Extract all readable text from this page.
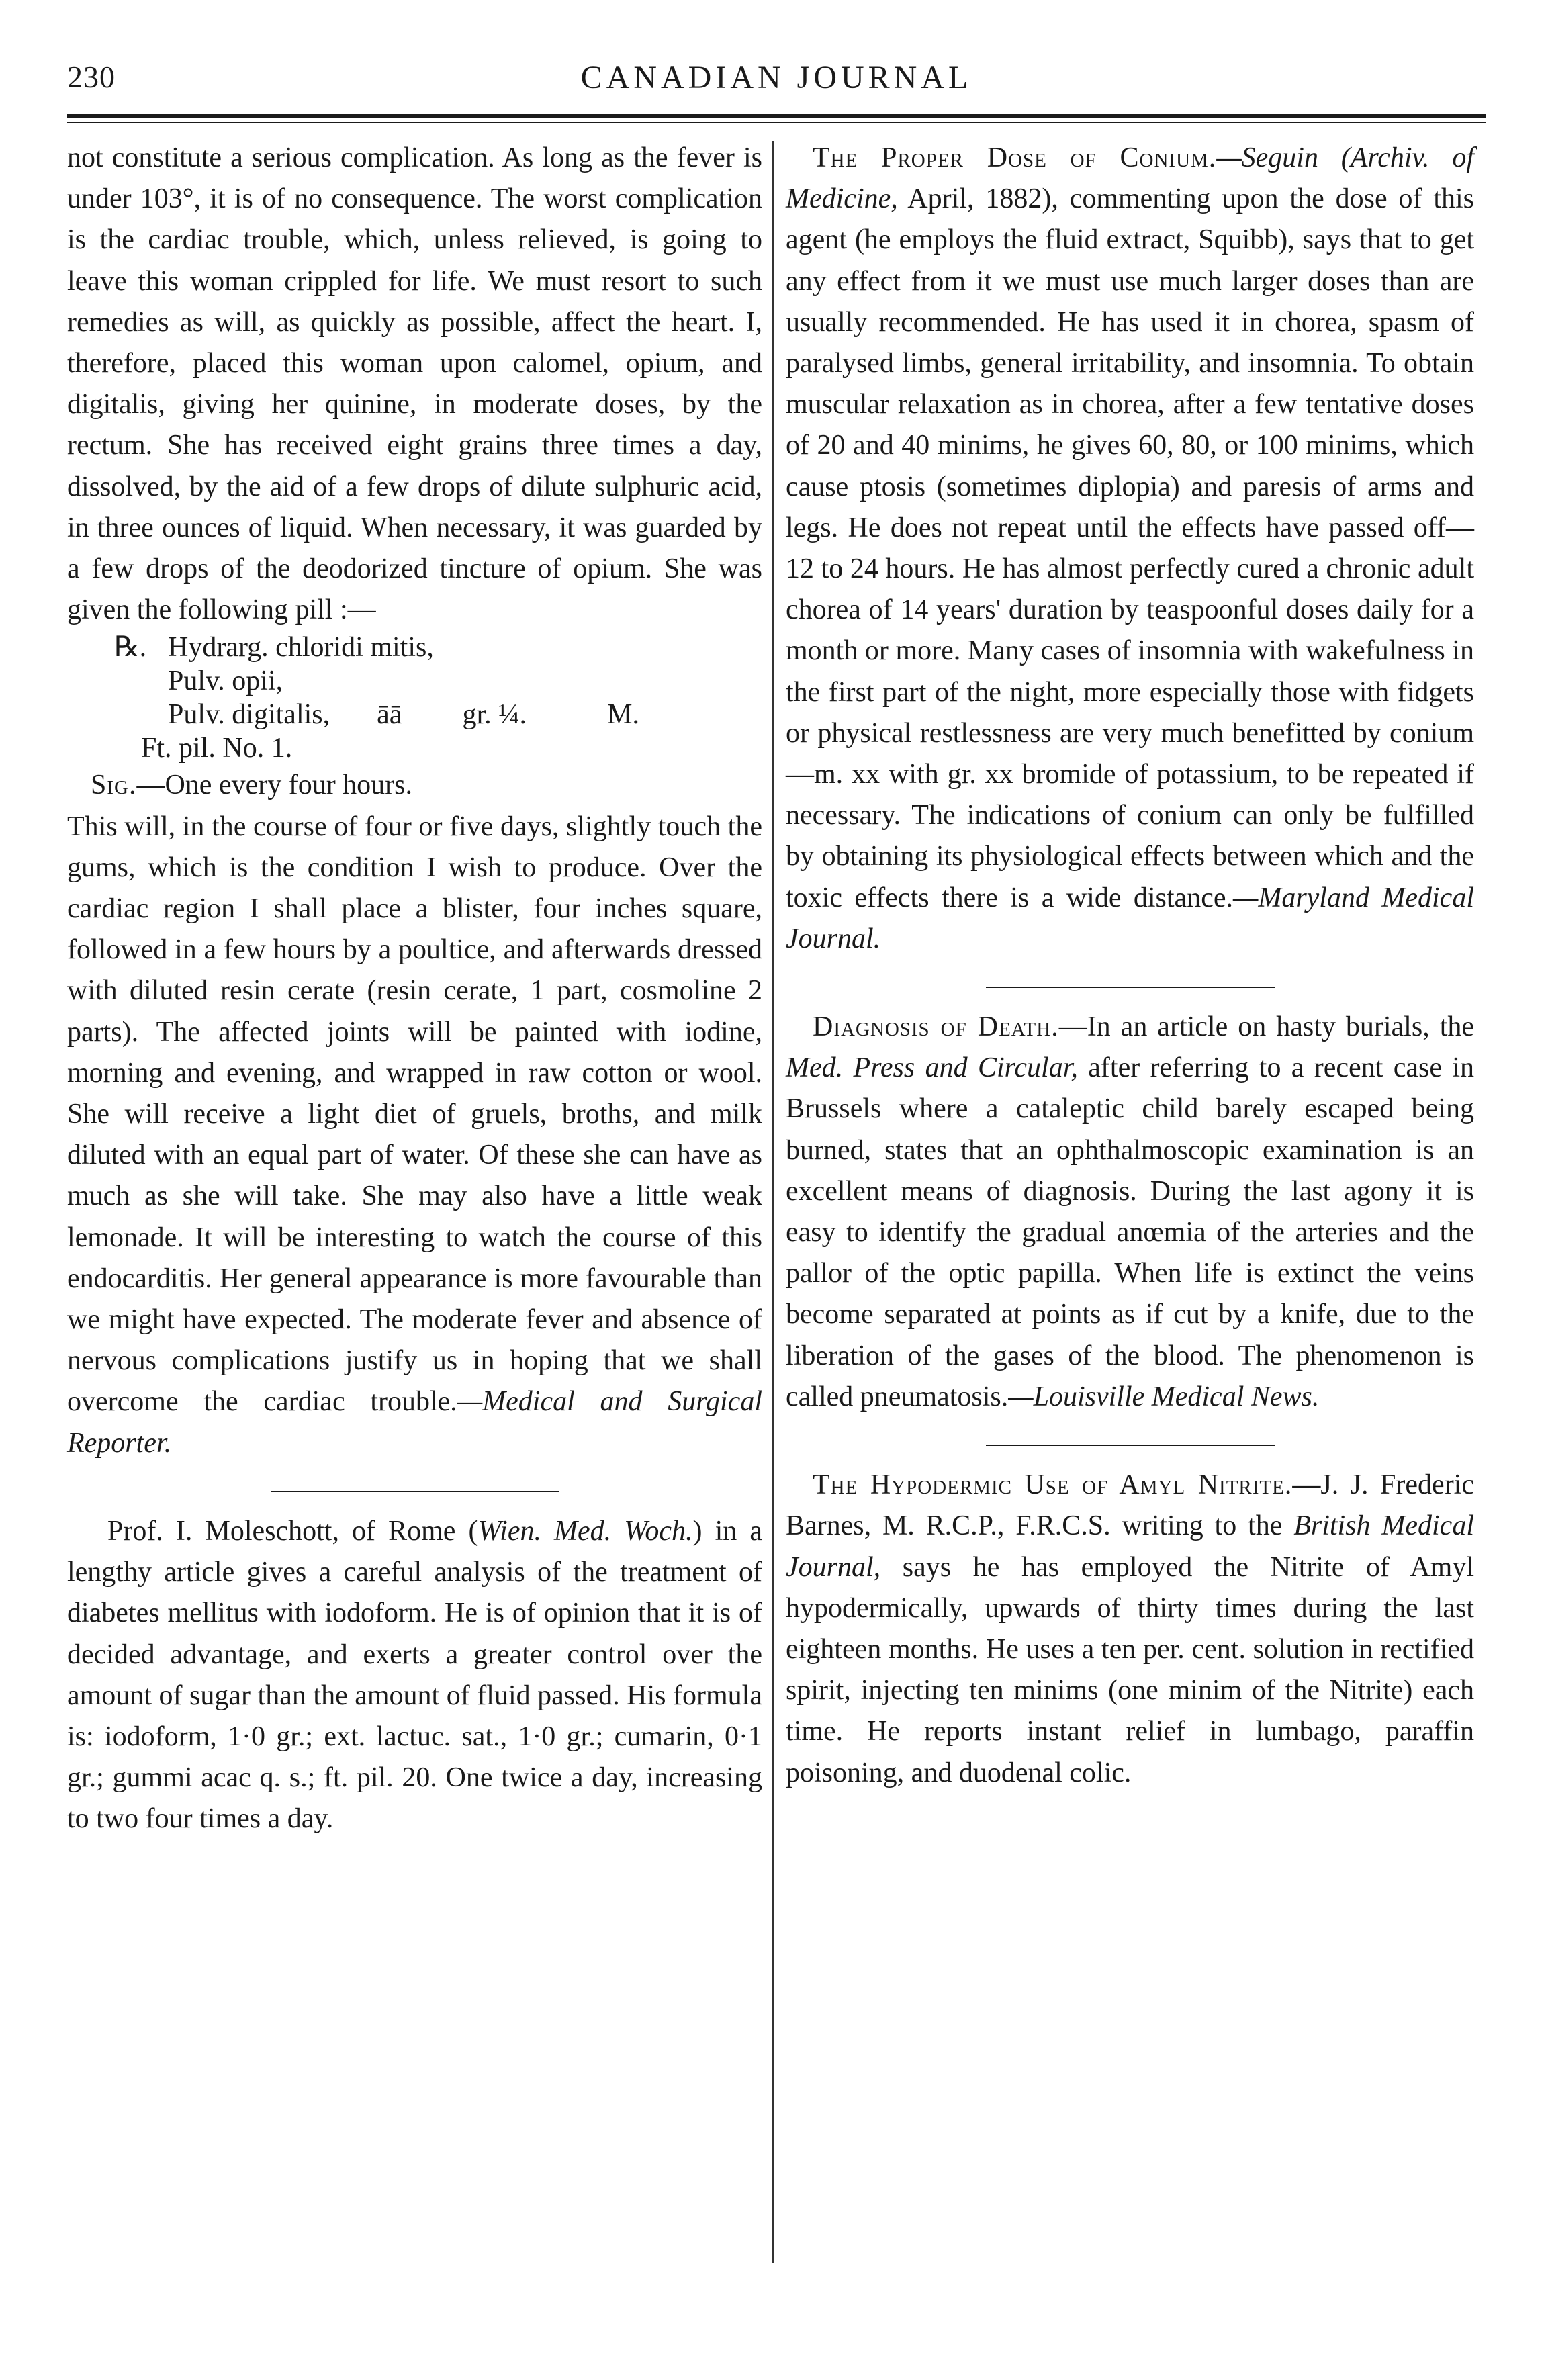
230	CANADIAN JOURNAL

not constitute a serious complication. As long as the fever is under 103°, it is of no consequence. The worst complication is the cardiac trouble, which, unless relieved, is going to leave this woman crippled for life. We must resort to such remedies as will, as quickly as possible, affect the heart. I, therefore, placed this woman upon calomel, opium, and digitalis, giving her quinine, in moderate doses, by the rectum. She has received eight grains three times a day, dissolved, by the aid of a few drops of dilute sulphuric acid, in three ounces of liquid. When necessary, it was guarded by a few drops of the deodorized tincture of opium. She was given the following pill :—

℞. Hydrarg. chloridi mitis,
Pulv. opii,
Pulv. digitalis, āā gr. ¼.	M.
Ft. pil. No. 1.

Sig.—One every four hours.

This will, in the course of four or five days, slightly touch the gums, which is the condition I wish to produce. Over the cardiac region I shall place a blister, four inches square, followed in a few hours by a poultice, and afterwards dressed with diluted resin cerate (resin cerate, 1 part, cosmoline 2 parts). The affected joints will be painted with iodine, morning and evening, and wrapped in raw cotton or wool. She will receive a light diet of gruels, broths, and milk diluted with an equal part of water. Of these she can have as much as she will take. She may also have a little weak lemonade. It will be interesting to watch the course of this endocarditis. Her general appearance is more favourable than we might have expected. The moderate fever and absence of nervous complications justify us in hoping that we shall overcome the cardiac trouble.—Medical and Surgical Reporter.

Prof. I. Moleschott, of Rome (Wien. Med. Woch.) in a lengthy article gives a careful analysis of the treatment of diabetes mellitus with iodoform. He is of opinion that it is of decided advantage, and exerts a greater control over the amount of sugar than the amount of fluid passed. His formula is: iodoform, 1·0 gr.; ext. lactuc. sat., 1·0 gr.; cumarin, 0·1 gr.; gummi acac q. s.; ft. pil. 20. One twice a day, increasing to two four times a day.

The Proper Dose of Conium.—Seguin (Archiv. of Medicine, April, 1882), commenting upon the dose of this agent (he employs the fluid extract, Squibb), says that to get any effect from it we must use much larger doses than are usually recommended. He has used it in chorea, spasm of paralysed limbs, general irritability, and insomnia. To obtain muscular relaxation as in chorea, after a few tentative doses of 20 and 40 minims, he gives 60, 80, or 100 minims, which cause ptosis (sometimes diplopia) and paresis of arms and legs. He does not repeat until the effects have passed off—12 to 24 hours. He has almost perfectly cured a chronic adult chorea of 14 years' duration by teaspoonful doses daily for a month or more. Many cases of insomnia with wakefulness in the first part of the night, more especially those with fidgets or physical restlessness are very much benefitted by conium—m. xx with gr. xx bromide of potassium, to be repeated if necessary. The indications of conium can only be fulfilled by obtaining its physiological effects between which and the toxic effects there is a wide distance.—Maryland Medical Journal.

Diagnosis of Death.—In an article on hasty burials, the Med. Press and Circular, after referring to a recent case in Brussels where a cataleptic child barely escaped being burned, states that an ophthalmoscopic examination is an excellent means of diagnosis. During the last agony it is easy to identify the gradual anœmia of the arteries and the pallor of the optic papilla. When life is extinct the veins become separated at points as if cut by a knife, due to the liberation of the gases of the blood. The phenomenon is called pneumatosis.—Louisville Medical News.

The Hypodermic Use of Amyl Nitrite.—J. J. Frederic Barnes, M. R.C.P., F.R.C.S. writing to the British Medical Journal, says he has employed the Nitrite of Amyl hypodermically, upwards of thirty times during the last eighteen months. He uses a ten per. cent. solution in rectified spirit, injecting ten minims (one minim of the Nitrite) each time. He reports instant relief in lumbago, paraffin poisoning, and duodenal colic.
